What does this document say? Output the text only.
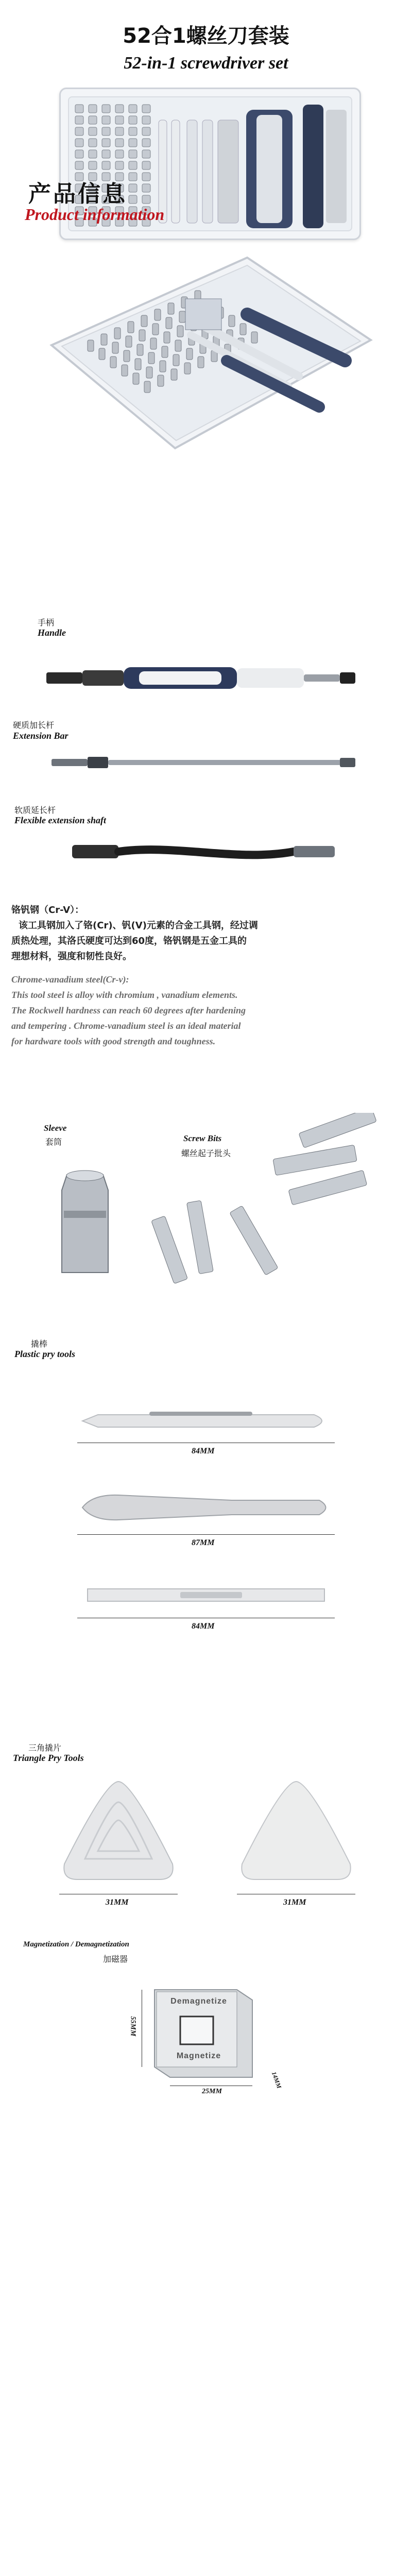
52合1螺丝刀套装
52-in-1 screwdriver set
产品信息
Product information
手柄
Handle
硬质加长杆
Extension Bar
软质延长杆
Flexible extension shaft
铬钒钢（Cr-V）：
该工具钢加入了铬(Cr)、钒(V)元素的合金工具钢，经过调
质热处理，其洛氏硬度可达到60度，铬钒钢是五金工具的
理想材料，强度和韧性良好。
Chrome-vanadium steel(Cr-v):
This tool steel is alloy with chromium , vanadium elements.
The Rockwell hardness can reach 60 degrees after hardening
and tempering . Chrome-vanadium steel is an ideal material
for hardware tools with good strength and toughness.
Sleeve
套筒	Screw Bits
螺丝起子批头
撬棒
Plastic pry tools
84MM
87MM
84MM
三角撬片
Triangle Pry Tools
31MM	31MM
Magnetization / Demagnetization
加磁器
Demagnetize
Magnetize
55MM
25MM
14MM
